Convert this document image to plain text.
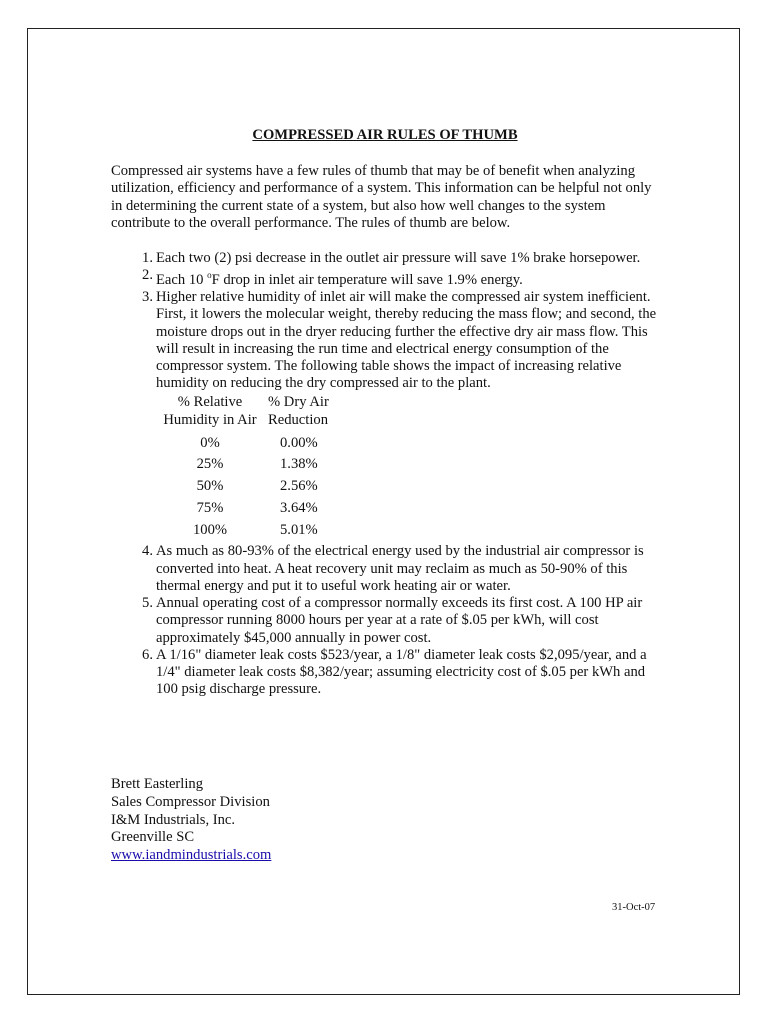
COMPRESSED AIR RULES OF THUMB
Compressed air systems have a few rules of thumb that may be of benefit when analyzing utilization, efficiency and performance of a system. This information can be helpful not only in determining the current state of a system, but also how well changes to the system contribute to the overall performance. The rules of thumb are below.
1. Each two (2) psi decrease in the outlet air pressure will save 1% brake horsepower.
2. Each 10 $^o$F drop in inlet air temperature will save 1.9% energy.
3. Higher relative humidity of inlet air will make the compressed air system inefficient. First, it lowers the molecular weight, thereby reducing the mass flow; and second, the moisture drops out in the dryer reducing further the effective dry air mass flow. This will result in increasing the run time and electrical energy consumption of the compressor system. The following table shows the impact of increasing relative humidity on reducing the dry compressed air to the plant.
% Relative Humidity in Air	% Dry Air Reduction
0%	0.00%
25%	1.38%
50%	2.56%
75%	3.64%
100%	5.01%
4. As much as 80-93% of the electrical energy used by the industrial air compressor is converted into heat. A heat recovery unit may reclaim as much as 50-90% of this thermal energy and put it to useful work heating air or water.
5. Annual operating cost of a compressor normally exceeds its first cost. A 100 HP air compressor running 8000 hours per year at a rate of $.05 per kWh, will cost approximately $45,000 annually in power cost.
6. A 1/16" diameter leak costs $523/year, a 1/8" diameter leak costs $2,095/year, and a 1/4" diameter leak costs $8,382/year; assuming electricity cost of $.05 per kWh and 100 psig discharge pressure.
Brett Easterling
Sales Compressor Division
I&M Industrials, Inc.
Greenville SC
www.iandmindustrials.com
31-Oct-07
